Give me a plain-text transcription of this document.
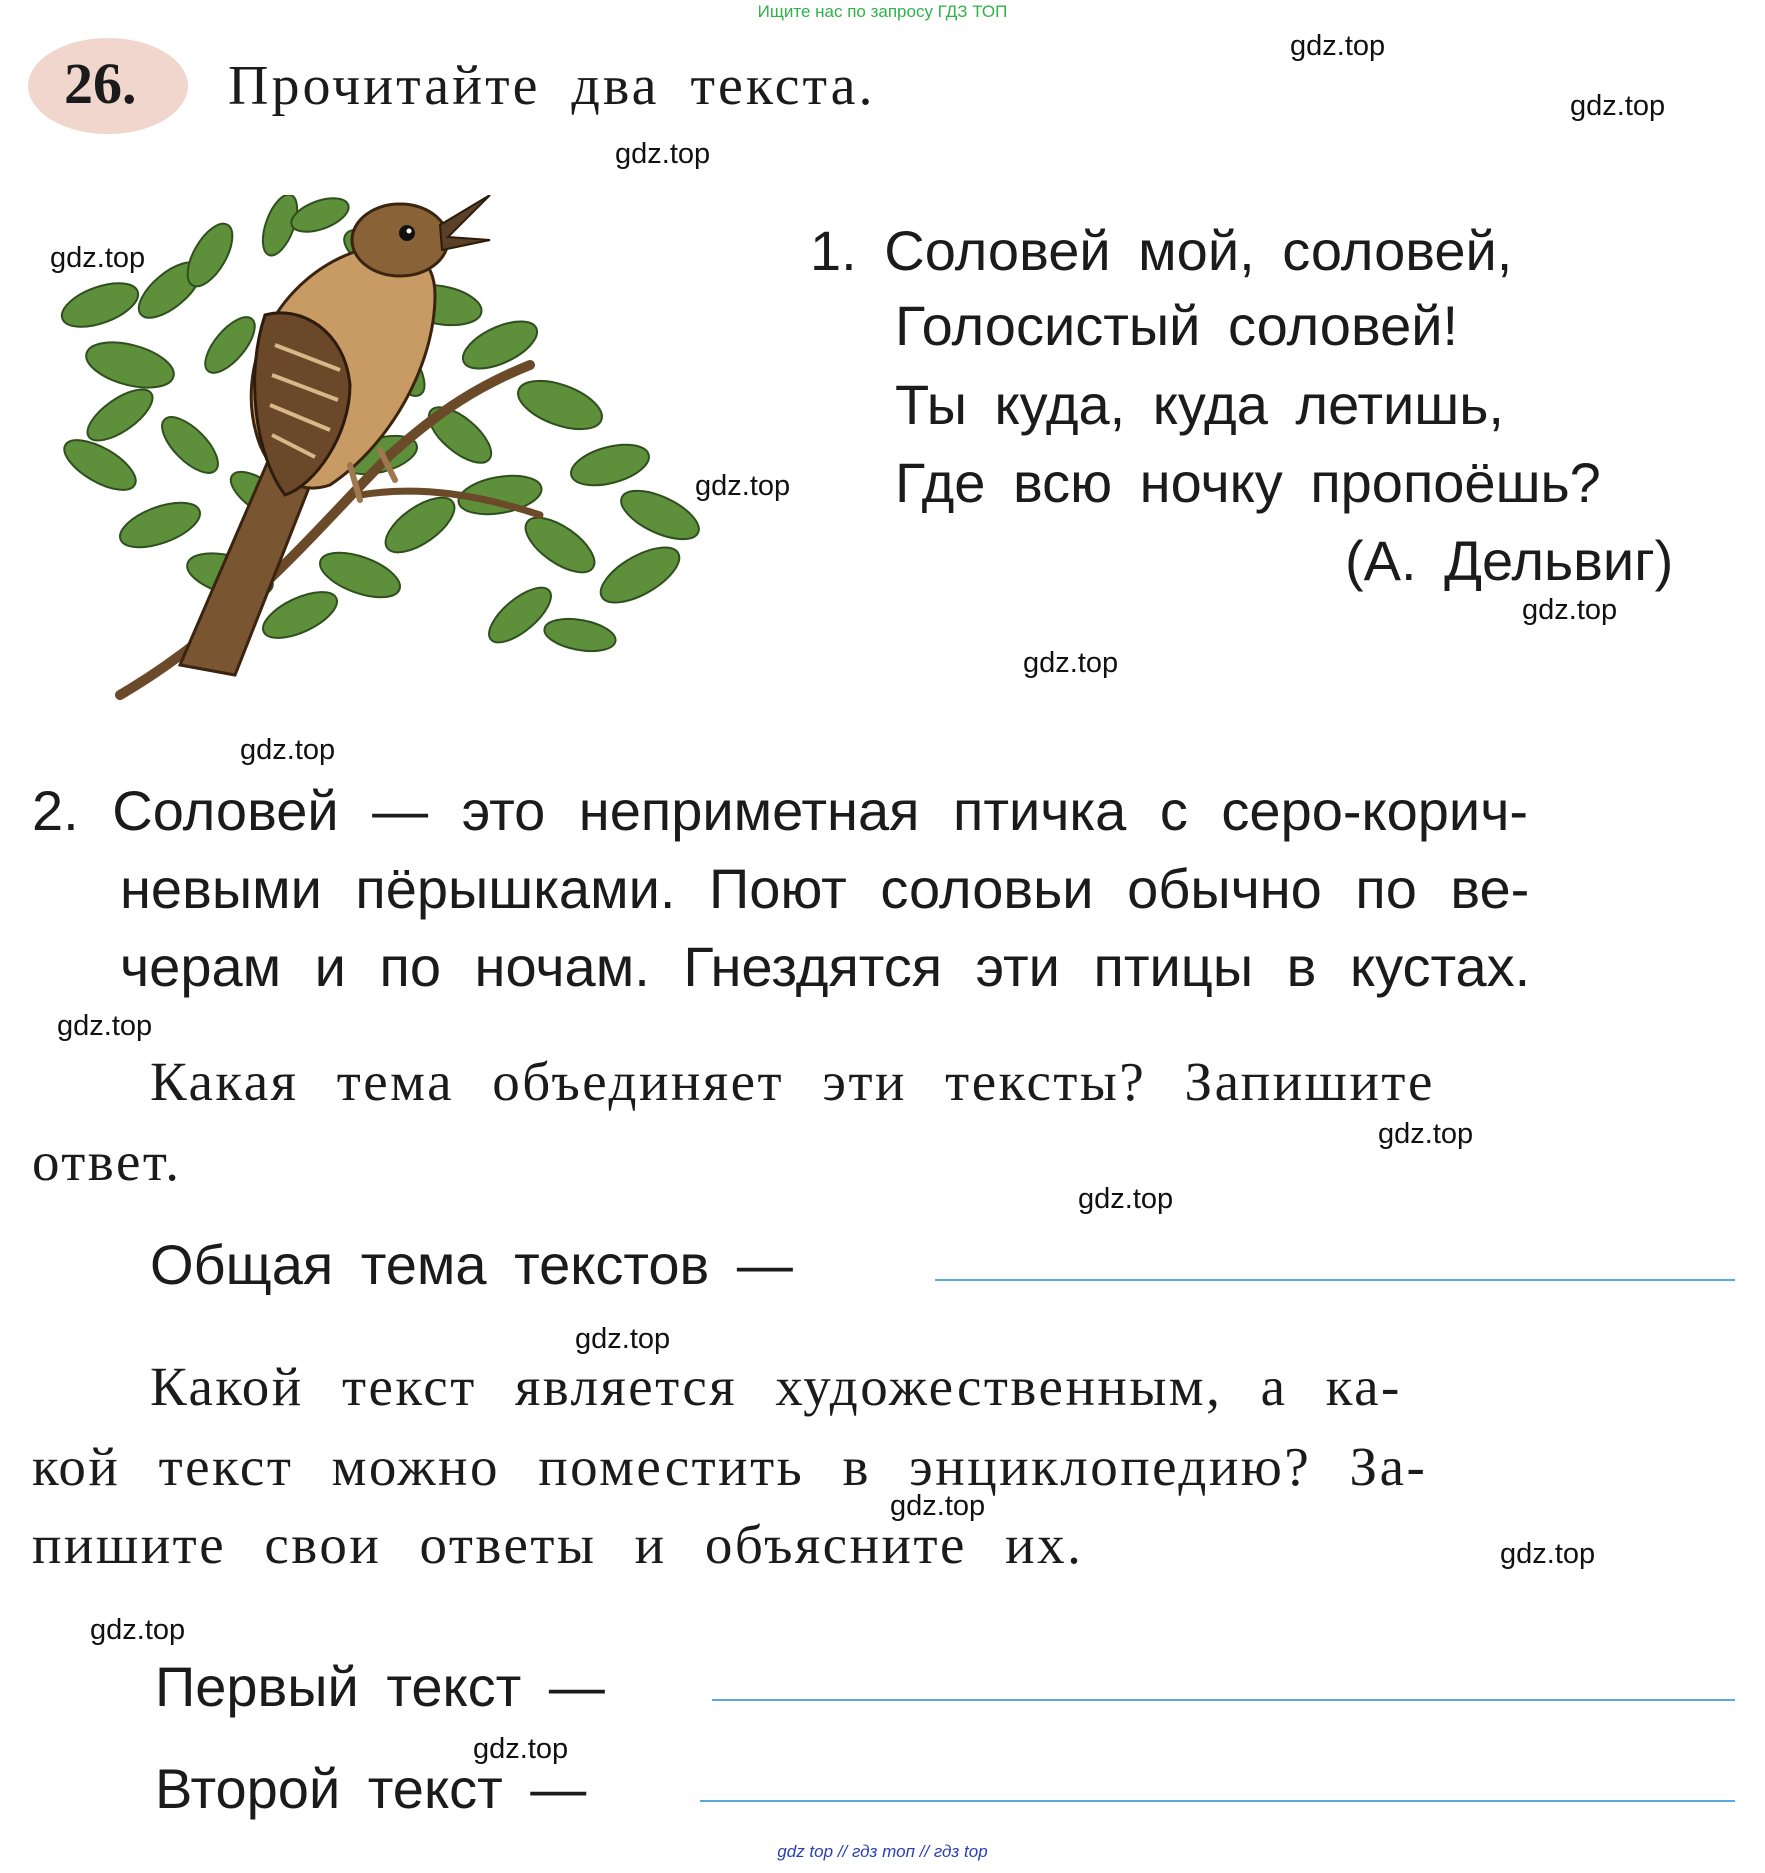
Ищите нас по запросу ГДЗ ТОП
26. Прочитайте два текста.
1. Соловей мой, соловей,
Голосистый соловей!
Ты куда, куда летишь,
Где всю ночку пропоёшь?
(А. Дельвиг)
2. Соловей — это неприметная птичка с серо-корич-
невыми пёрышками. Поют соловьи обычно по ве-
черам и по ночам. Гнездятся эти птицы в кустах.
Какая тема объединяет эти тексты? Запишите
ответ.
Общая тема текстов —
Какой текст является художественным, а ка-
кой текст можно поместить в энциклопедию? За-
пишите свои ответы и объясните их.
Первый текст —
Второй текст —
gdz.top
gdz.top
gdz.top
gdz.top
gdz.top
gdz.top
gdz.top
gdz.top
gdz.top
gdz.top
gdz.top
gdz.top
gdz.top
gdz.top
gdz.top
gdz.top
gdz top // гдз топ // гдз top
